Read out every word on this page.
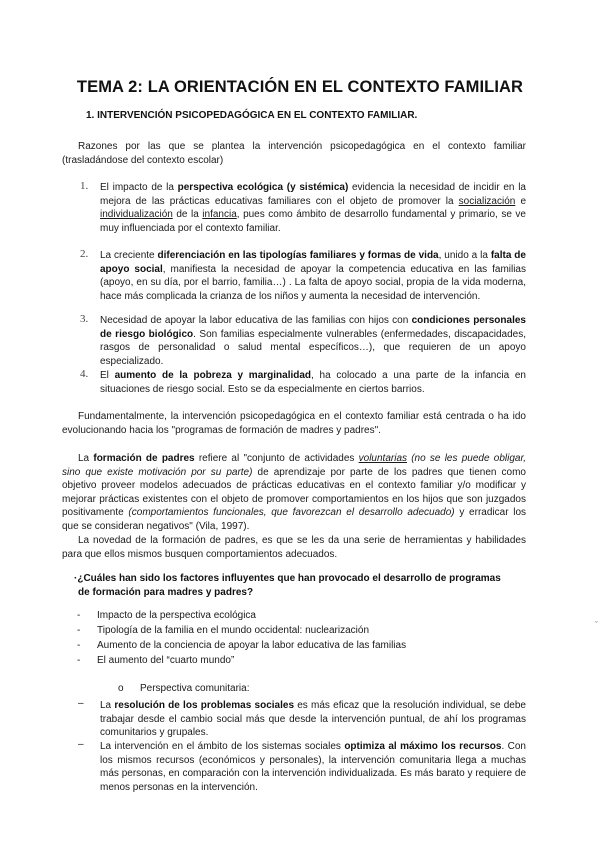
TEMA 2: LA ORIENTACIÓN EN EL CONTEXTO FAMILIAR
1. INTERVENCIÓN PSICOPEDAGÓGICA EN EL CONTEXTO FAMILIAR.
Razones por las que se plantea la intervención psicopedagógica en el contexto familiar (trasladándose del contexto escolar)
1. El impacto de la perspectiva ecológica (y sistémica) evidencia la necesidad de incidir en la mejora de las prácticas educativas familiares con el objeto de promover la socialización e individualización de la infancia, pues como ámbito de desarrollo fundamental y primario, se ve muy influenciada por el contexto familiar.
2. La creciente diferenciación en las tipologías familiares y formas de vida, unido a la falta de apoyo social, manifiesta la necesidad de apoyar la competencia educativa en las familias (apoyo, en su día, por el barrio, familia…) . La falta de apoyo social, propia de la vida moderna, hace más complicada la crianza de los niños y aumenta la necesidad de intervención.
3. Necesidad de apoyar la labor educativa de las familias con hijos con condiciones personales de riesgo biológico. Son familias especialmente vulnerables (enfermedades, discapacidades, rasgos de personalidad o salud mental específicos…), que requieren de un apoyo especializado.
4. El aumento de la pobreza y marginalidad, ha colocado a una parte de la infancia en situaciones de riesgo social. Esto se da especialmente en ciertos barrios.
Fundamentalmente, la intervención psicopedagógica en el contexto familiar está centrada o ha ido evolucionando hacia los "programas de formación de madres y padres".
La formación de padres refiere al "conjunto de actividades voluntarias (no se les puede obligar, sino que existe motivación por su parte) de aprendizaje por parte de los padres que tienen como objetivo proveer modelos adecuados de prácticas educativas en el contexto familiar y/o modificar y mejorar prácticas existentes con el objeto de promover comportamientos en los hijos que son juzgados positivamente (comportamientos funcionales, que favorezcan el desarrollo adecuado) y erradicar los que se consideran negativos" (Vila, 1997).
La novedad de la formación de padres, es que se les da una serie de herramientas y habilidades para que ellos mismos busquen comportamientos adecuados.
·¿Cuáles han sido los factores influyentes que han provocado el desarrollo de programas
de formación para madres y padres?
-	Impacto de la perspectiva ecológica
-	Tipología de la familia en el mundo occidental: nuclearización
-	Aumento de la conciencia de apoyar la labor educativa de las familias
-	El aumento del “cuarto mundo”
o Perspectiva comunitaria:
– La resolución de los problemas sociales es más eficaz que la resolución individual, se debe trabajar desde el cambio social más que desde la intervención puntual, de ahí los programas comunitarios y grupales.
– La intervención en el ámbito de los sistemas sociales optimiza al máximo los recursos. Con los mismos recursos (económicos y personales), la intervención comunitaria llega a muchas más personas, en comparación con la intervención individualizada. Es más barato y requiere de menos personas en la intervención.
ˇ
